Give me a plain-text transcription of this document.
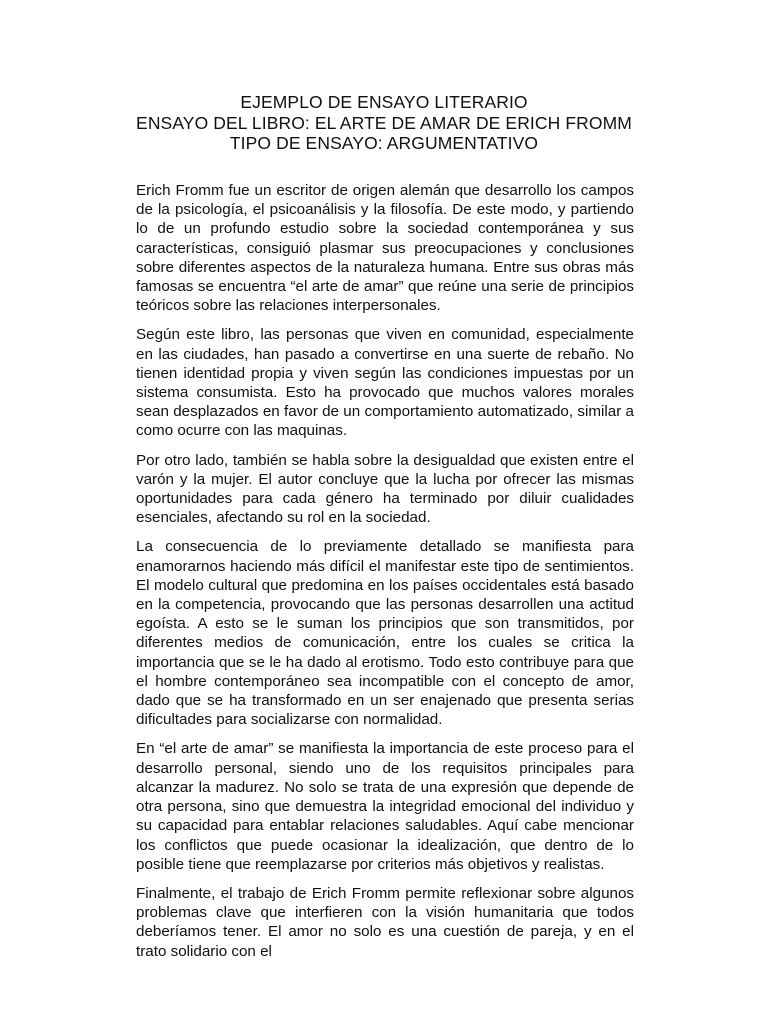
EJEMPLO DE ENSAYO LITERARIO
ENSAYO DEL LIBRO: EL ARTE DE AMAR DE ERICH FROMM
TIPO DE ENSAYO: ARGUMENTATIVO

Erich Fromm fue un escritor de origen alemán que desarrollo los campos de la psicología, el psicoanálisis y la filosofía. De este modo, y partiendo lo de un profundo estudio sobre la sociedad contemporánea y sus características, consiguió plasmar sus preocupaciones y conclusiones sobre diferentes aspectos de la naturaleza humana. Entre sus obras más famosas se encuentra “el arte de amar” que reúne una serie de principios teóricos sobre las relaciones interpersonales.

Según este libro, las personas que viven en comunidad, especialmente en las ciudades, han pasado a convertirse en una suerte de rebaño. No tienen identidad propia y viven según las condiciones impuestas por un sistema consumista. Esto ha provocado que muchos valores morales sean desplazados en favor de un comportamiento automatizado, similar a como ocurre con las maquinas.

Por otro lado, también se habla sobre la desigualdad que existen entre el varón y la mujer. El autor concluye que la lucha por ofrecer las mismas oportunidades para cada género ha terminado por diluir cualidades esenciales, afectando su rol en la sociedad.

La consecuencia de lo previamente detallado se manifiesta para enamorarnos haciendo más difícil el manifestar este tipo de sentimientos. El modelo cultural que predomina en los países occidentales está basado en la competencia, provocando que las personas desarrollen una actitud egoísta. A esto se le suman los principios que son transmitidos, por diferentes medios de comunicación, entre los cuales se critica la importancia que se le ha dado al erotismo. Todo esto contribuye para que el hombre contemporáneo sea incompatible con el concepto de amor, dado que se ha transformado en un ser enajenado que presenta serias dificultades para socializarse con normalidad.

En “el arte de amar” se manifiesta la importancia de este proceso para el desarrollo personal, siendo uno de los requisitos principales para alcanzar la madurez. No solo se trata de una expresión que depende de otra persona, sino que demuestra la integridad emocional del individuo y su capacidad para entablar relaciones saludables. Aquí cabe mencionar los conflictos que puede ocasionar la idealización, que dentro de lo posible tiene que reemplazarse por criterios más objetivos y realistas.

Finalmente, el trabajo de Erich Fromm permite reflexionar sobre algunos problemas clave que interfieren con la visión humanitaria que todos deberíamos tener. El amor no solo es una cuestión de pareja, y en el trato solidario con el
